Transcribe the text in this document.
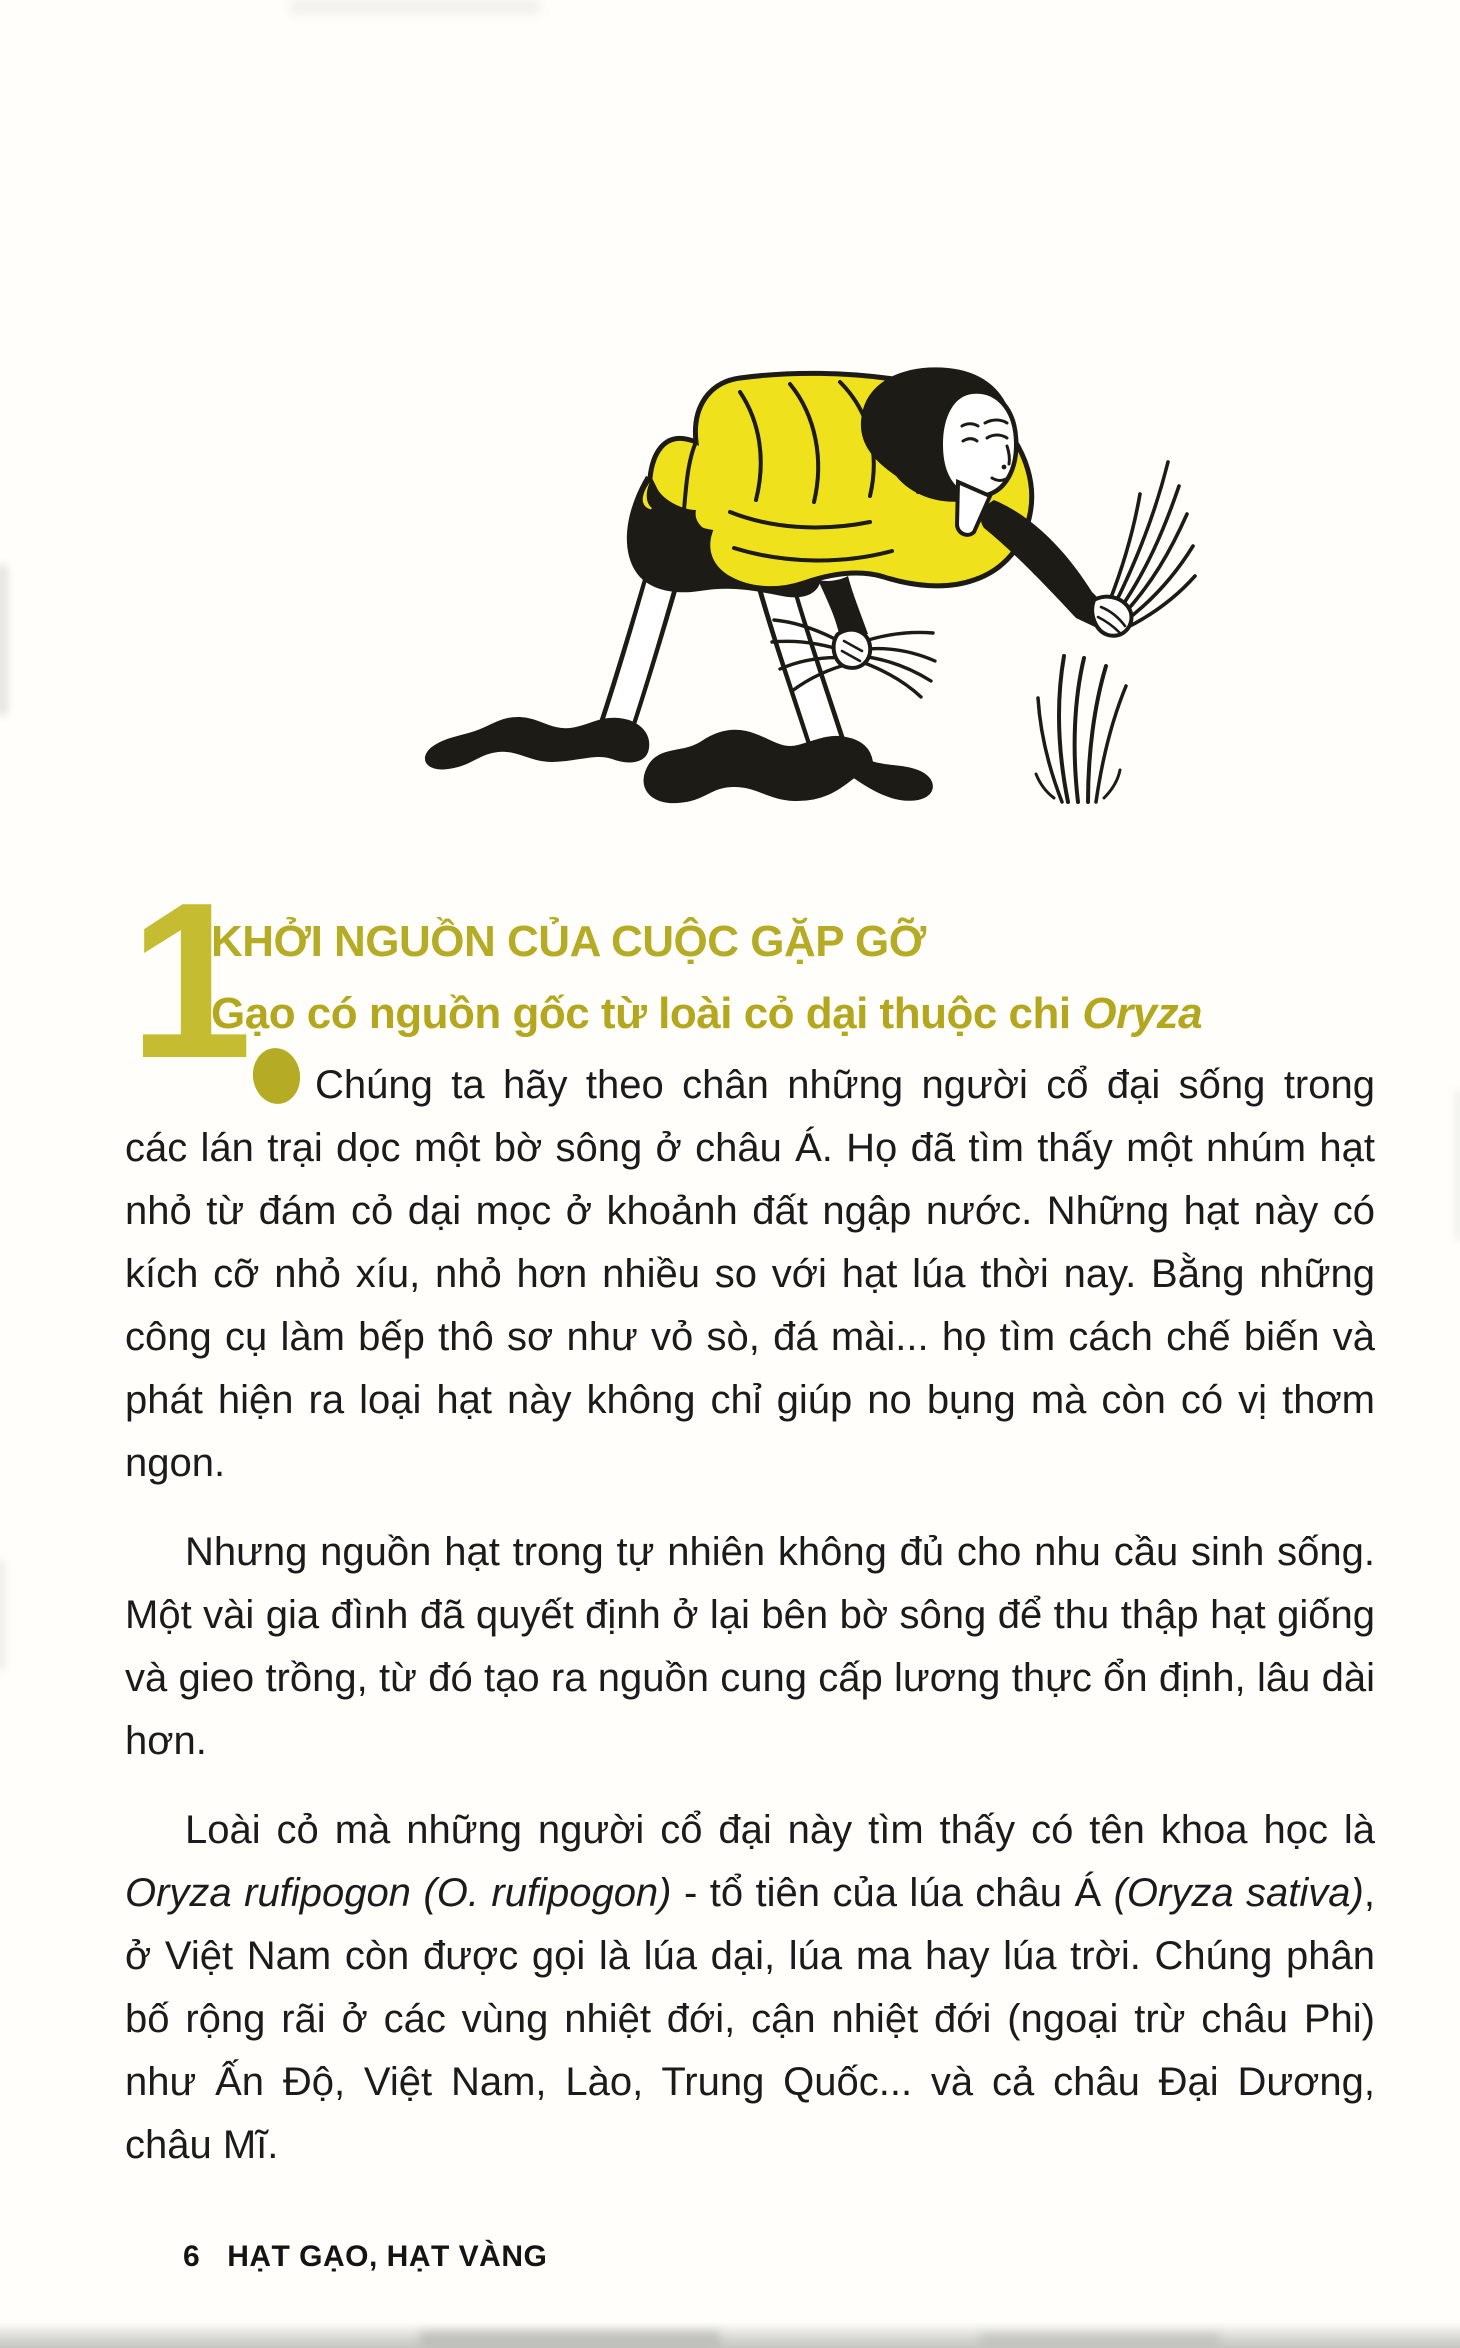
1
KHỞI NGUỒN CỦA CUỘC GẶP GỠ
Gạo có nguồn gốc từ loài cỏ dại thuộc chi Oryza

Chúng ta hãy theo chân những người cổ đại sống trong các lán trại dọc một bờ sông ở châu Á. Họ đã tìm thấy một nhúm hạt nhỏ từ đám cỏ dại mọc ở khoảnh đất ngập nước. Những hạt này có kích cỡ nhỏ xíu, nhỏ hơn nhiều so với hạt lúa thời nay. Bằng những công cụ làm bếp thô sơ như vỏ sò, đá mài... họ tìm cách chế biến và phát hiện ra loại hạt này không chỉ giúp no bụng mà còn có vị thơm ngon.

Nhưng nguồn hạt trong tự nhiên không đủ cho nhu cầu sinh sống. Một vài gia đình đã quyết định ở lại bên bờ sông để thu thập hạt giống và gieo trồng, từ đó tạo ra nguồn cung cấp lương thực ổn định, lâu dài hơn.

Loài cỏ mà những người cổ đại này tìm thấy có tên khoa học là Oryza rufipogon (O. rufipogon) - tổ tiên của lúa châu Á (Oryza sativa), ở Việt Nam còn được gọi là lúa dại, lúa ma hay lúa trời. Chúng phân bố rộng rãi ở các vùng nhiệt đới, cận nhiệt đới (ngoại trừ châu Phi) như Ấn Độ, Việt Nam, Lào, Trung Quốc... và cả châu Đại Dương, châu Mĩ.

6 HẠT GẠO, HẠT VÀNG
